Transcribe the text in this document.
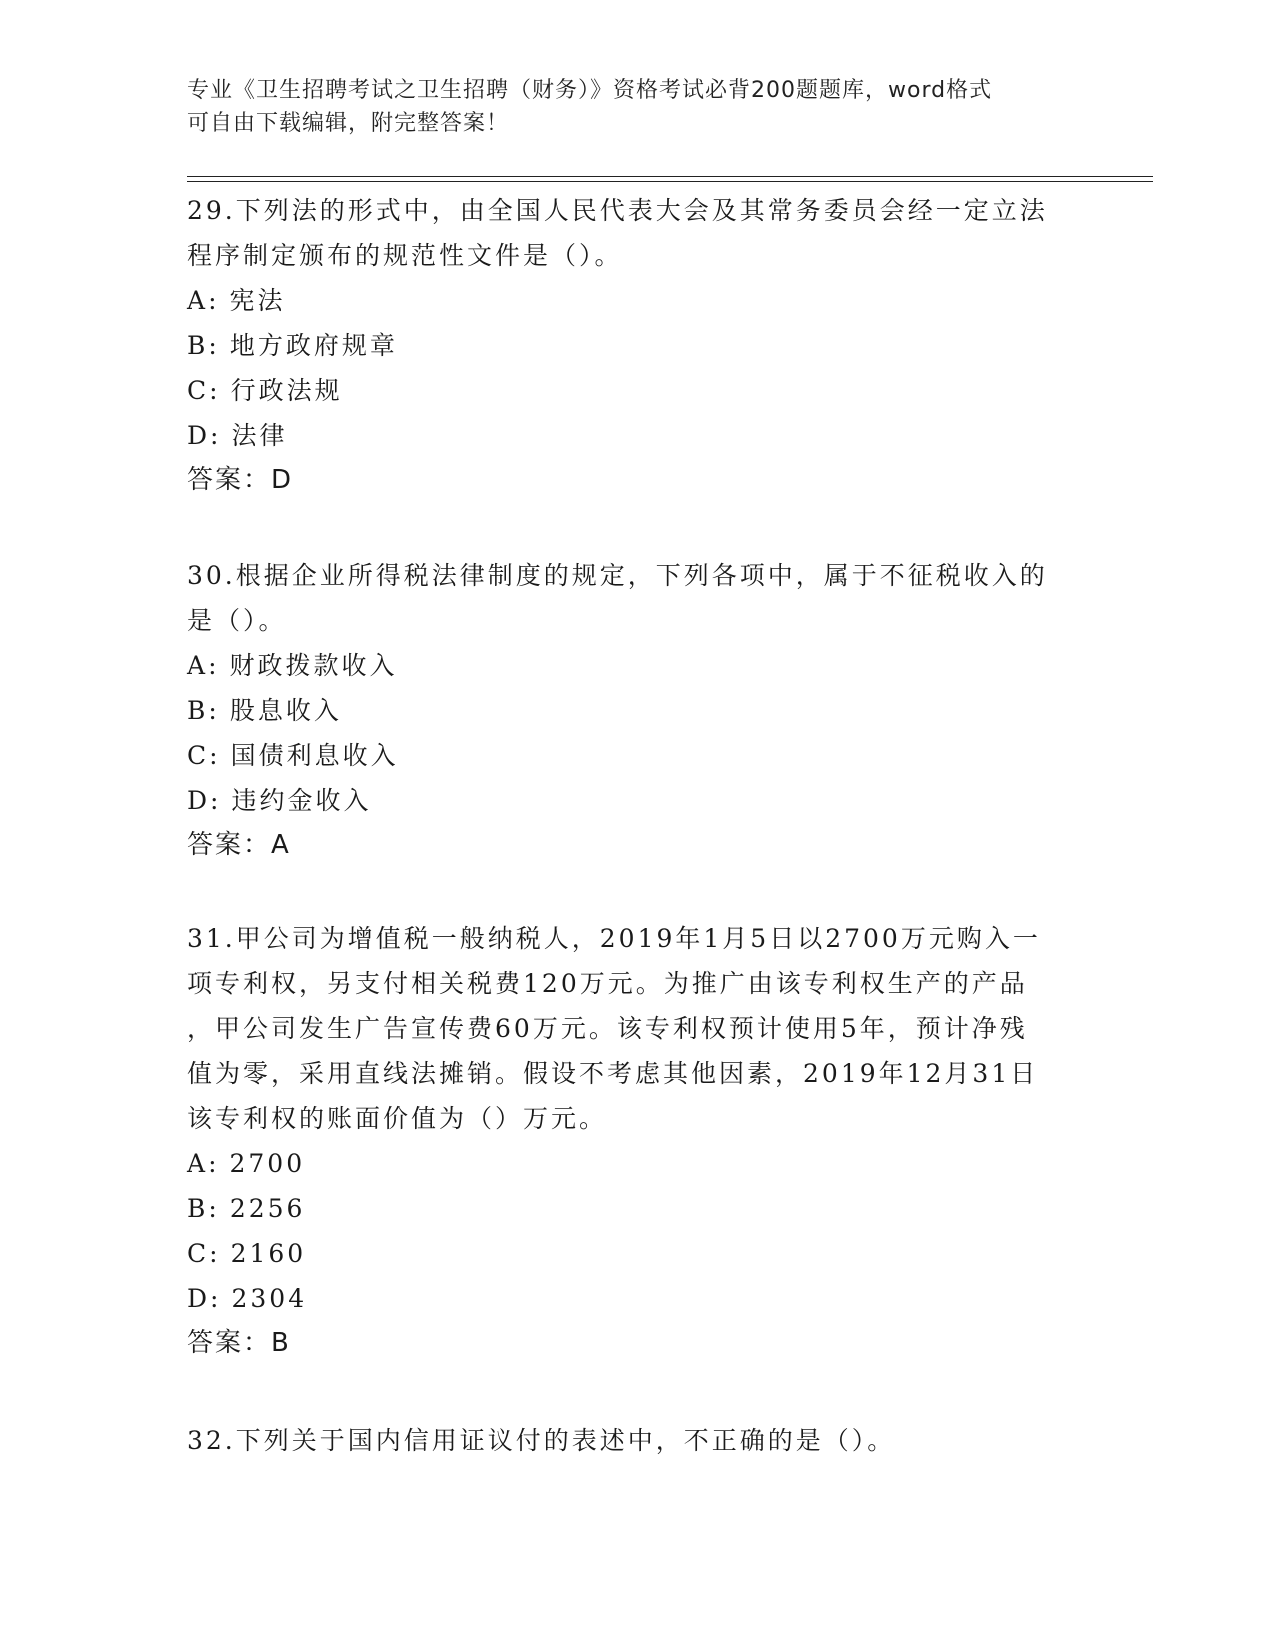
专业《卫生招聘考试之卫生招聘（财务）》资格考试必背200题题库，word格式
可自由下载编辑，附完整答案！

29.下列法的形式中，由全国人民代表大会及其常务委员会经一定立法
程序制定颁布的规范性文件是（）。

A: 宪法
B: 地方政府规章
C: 行政法规
D: 法律

答案：D

30.根据企业所得税法律制度的规定，下列各项中，属于不征税收入的
是（）。

A: 财政拨款收入
B: 股息收入
C: 国债利息收入
D: 违约金收入

答案：A

31.甲公司为增值税一般纳税人，2019年1月5日以2700万元购入一
项专利权，另支付相关税费120万元。为推广由该专利权生产的产品
，甲公司发生广告宣传费60万元。该专利权预计使用5年，预计净残
值为零，采用直线法摊销。假设不考虑其他因素，2019年12月31日
该专利权的账面价值为（）万元。

A: 2700
B: 2256
C: 2160
D: 2304

答案：B

32.下列关于国内信用证议付的表述中，不正确的是（）。
